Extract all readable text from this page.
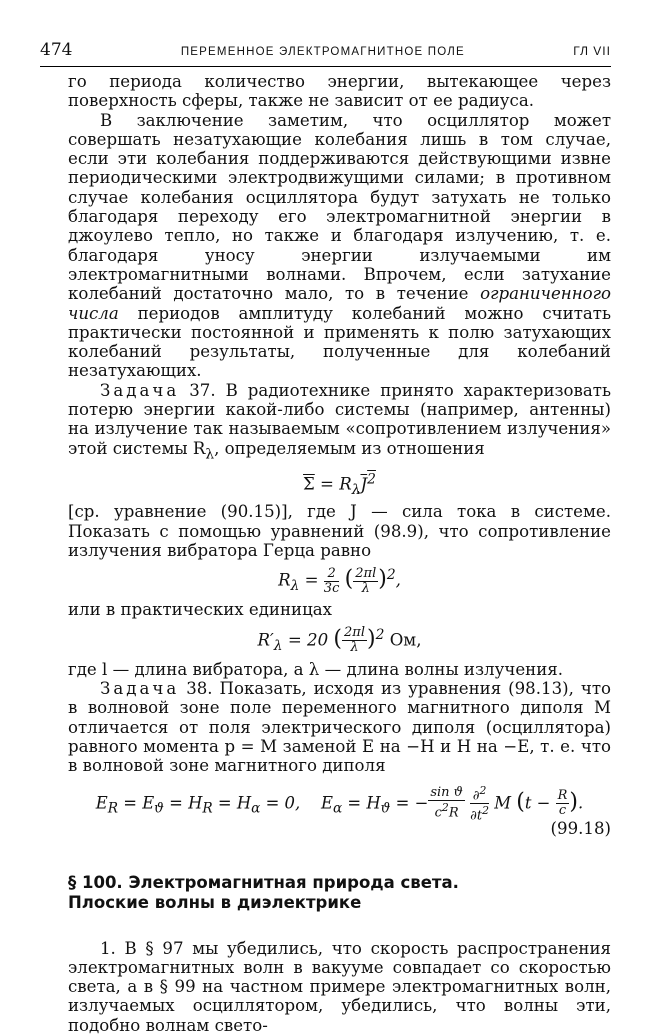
474	ПЕРЕМЕННОЕ ЭЛЕКТРОМАГНИТНОЕ ПОЛЕ	ГЛ VII

го периода количество энергии, вытекающее через поверхность сферы, также не зависит от ее радиуса.

В заключение заметим, что осциллятор может совершать незатухающие колебания лишь в том случае, если эти колебания поддерживаются действующими извне периодическими электродвижущими силами; в противном случае колебания осциллятора будут затухать не только благодаря переходу его электромагнитной энергии в джоулево тепло, но также и благодаря излучению, т. е. благодаря уносу энергии излучаемыми им электромагнитными волнами. Впрочем, если затухание колебаний достаточно мало, то в течение ограниченного числа периодов амплитуду колебаний можно считать практически постоянной и применять к полю затухающих колебаний результаты, полученные для колебаний незатухающих.

Задача 37. В радиотехнике принято характеризовать потерю энергии какой-либо системы (например, антенны) на излучение так называемым «сопротивлением излучения» этой системы $R_\lambda$, определяемым из отношения

$\overline{\Sigma} = R_\lambda J^2$

[ср. уравнение (90.15)], где J — сила тока в системе. Показать с помощью уравнений (98.9), что сопротивление излучения вибратора Герца равно

$R_\lambda = \frac{2}{3c}$ ( $\frac{2\pi l}{\lambda} )^2$,

или в практических единицах

$R'_\lambda = 20$ ( $\frac{2\pi l}{\lambda} )^2$ Ом,

где l — длина вибратора, а λ — длина волны излучения.

Задача 38. Показать, исходя из уравнения (98.13), что в волновой зоне поле переменного магнитного диполя M отличается от поля электрического диполя (осциллятора) равного момента p = M заменой E на −H и H на −E, т. е. что в волновой зоне магнитного диполя

$E_R = E_ϑ = H_R = H_\alpha = 0$,    $E_\alpha = H_ϑ$ = − $\frac{\text{sin ϑ}}{c^2R}$
$\frac{\partial^2}{\partial t^2}$ M ($t - \frac{R}{c}$ ).
(99.18)
§ 100. Электромагнитная природа света.
Плоские волны в диэлектрике

1. В § 97 мы убедились, что скорость распространения электромагнитных волн в вакууме совпадает со скоростью света, а в § 99 на частном примере электромагнитных волн, излучаемых осциллятором, убедились, что волны эти, подобно волнам свето-
